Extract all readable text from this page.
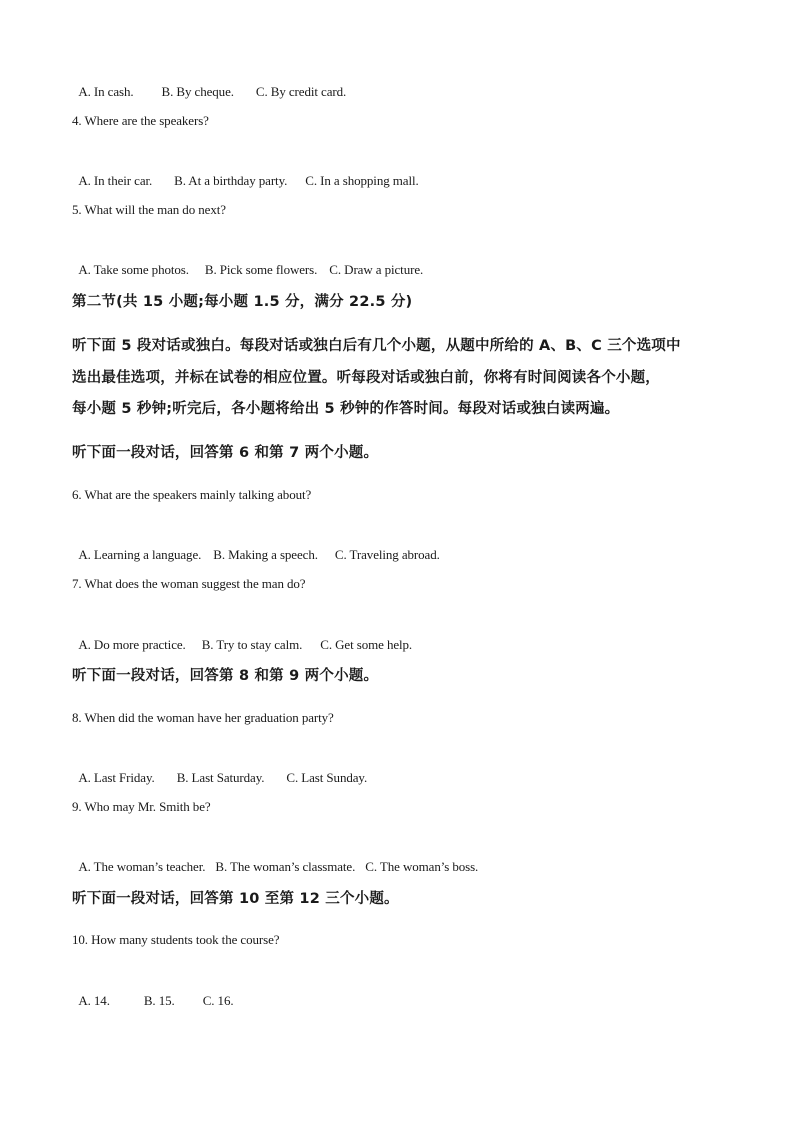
A. In cash. B. By cheque. C. By credit card.

4. Where are the speakers?

A. In their car. B. At a birthday party. C. In a shopping mall.

5. What will the man do next?

A. Take some photos. B. Pick some flowers. C. Draw a picture.

第二节(共 15 小题;每小题 1.5 分，满分 22.5 分)
听下面 5 段对话或独白。每段对话或独白后有几个小题，从题中所给的 A、B、C 三个选项中
选出最佳选项，并标在试卷的相应位置。听每段对话或独白前，你将有时间阅读各个小题，
每小题 5 秒钟;听完后，各小题将给出 5 秒钟的作答时间。每段对话或独白读两遍。
听下面一段对话，回答第 6 和第 7 两个小题。
6. What are the speakers mainly talking about?

A. Learning a language. B. Making a speech. C. Traveling abroad.

7. What does the woman suggest the man do?

A. Do more practice. B. Try to stay calm. C. Get some help.

听下面一段对话，回答第 8 和第 9 两个小题。
8. When did the woman have her graduation party?

A. Last Friday. B. Last Saturday. C. Last Sunday.

9. Who may Mr. Smith be?

A. The woman’s teacher. B. The woman’s classmate. C. The woman’s boss.

听下面一段对话，回答第 10 至第 12 三个小题。
10. How many students took the course?

A. 14.	B. 15. C. 16.
